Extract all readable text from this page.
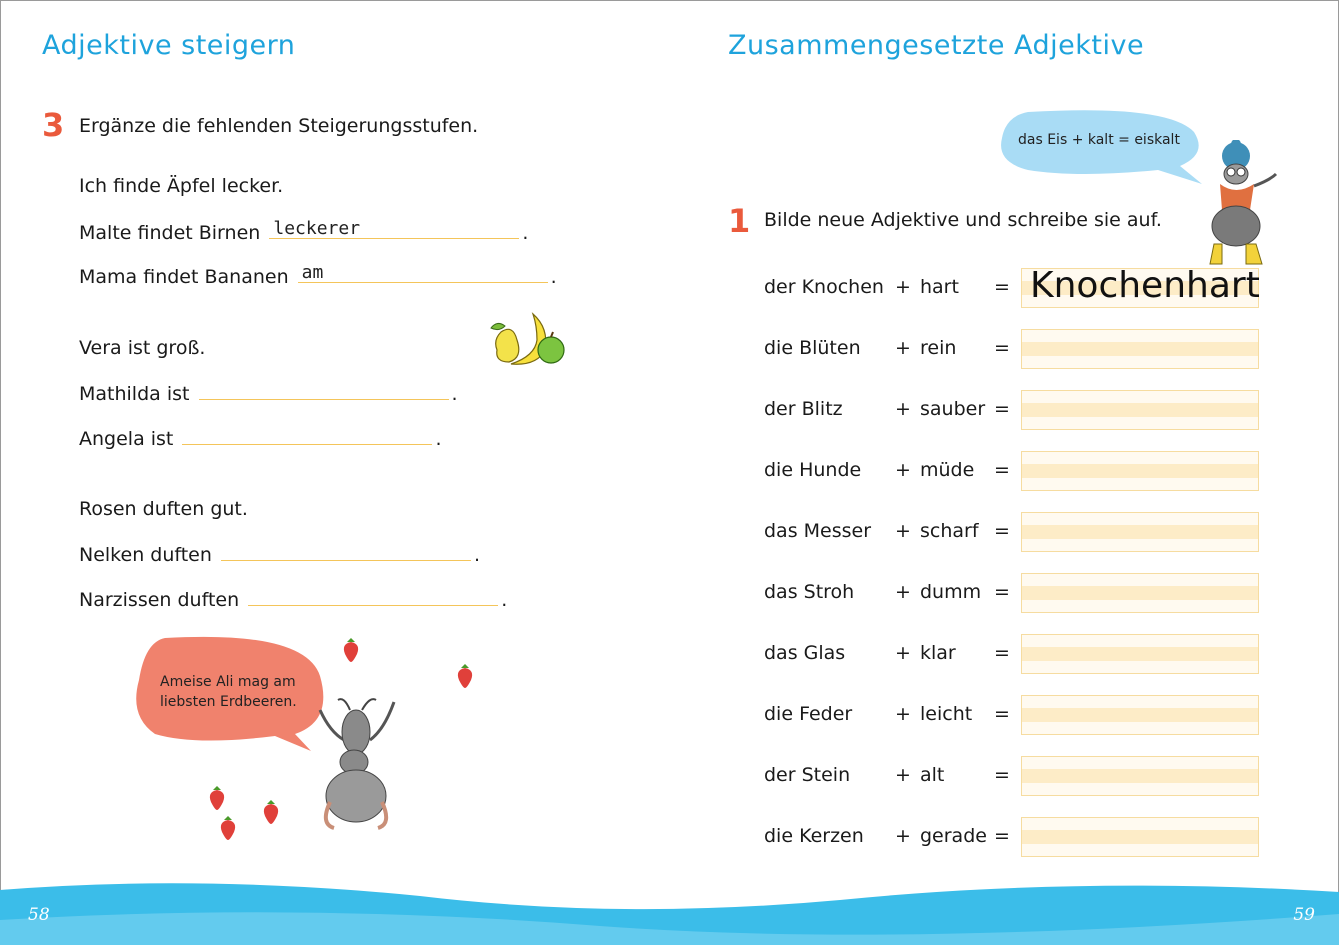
Adjektive steigern
3 Ergänze die fehlenden Steigerungsstufen.
Ich finde Äpfel lecker.
Malte findet Birnen leckerer	.
Mama findet Bananen am	.
Vera ist groß.
Mathilda ist	.
Angela ist	.
Rosen duften gut.
Nelken duften	.
Narzissen duften	.
Ameise Ali mag am
liebsten Erdbeeren.
Zusammengesetzte Adjektive
das Eis + kalt = eiskalt
1 Bilde neue Adjektive und schreibe sie auf.
der Knochen + hart = Knochenhart
die Blüten + rein =
der Blitz	+ sauber =
die Hunde + müde =
das Messer + scharf =
das Stroh + dumm =
das Glas	+ klar =
die Feder + leicht =
der Stein + alt	=
die Kerzen + gerade =
58	59
